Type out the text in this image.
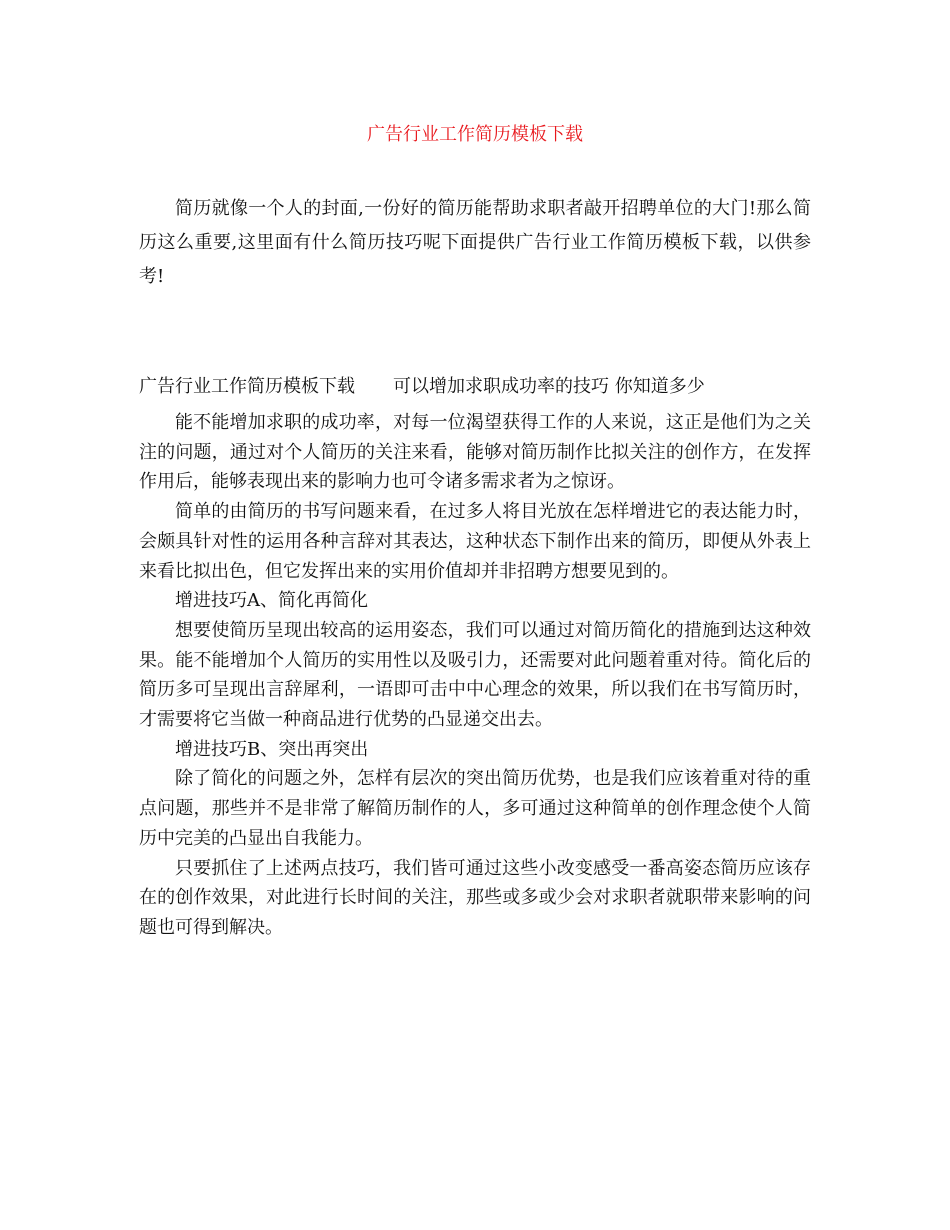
广告行业工作简历模板下载

简历就像一个人的封面,一份好的简历能帮助求职者敲开招聘单位的大门!那么简历这么重要,这里面有什么简历技巧呢下面提供广告行业工作简历模板下载，以供参考!

广告行业工作简历模板下载 可以增加求职成功率的技巧 你知道多少

能不能增加求职的成功率，对每一位渴望获得工作的人来说，这正是他们为之关注的问题，通过对个人简历的关注来看，能够对简历制作比拟关注的创作方，在发挥作用后，能够表现出来的影响力也可令诸多需求者为之惊讶。

简单的由简历的书写问题来看，在过多人将目光放在怎样增进它的表达能力时，会颇具针对性的运用各种言辞对其表达，这种状态下制作出来的简历，即便从外表上来看比拟出色，但它发挥出来的实用价值却并非招聘方想要见到的。

增进技巧A、简化再简化

想要使简历呈现出较高的运用姿态，我们可以通过对简历简化的措施到达这种效果。能不能增加个人简历的实用性以及吸引力，还需要对此问题着重对待。简化后的简历多可呈现出言辞犀利，一语即可击中中心理念的效果，所以我们在书写简历时，才需要将它当做一种商品进行优势的凸显递交出去。

增进技巧B、突出再突出

除了简化的问题之外，怎样有层次的突出简历优势，也是我们应该着重对待的重点问题，那些并不是非常了解简历制作的人，多可通过这种简单的创作理念使个人简历中完美的凸显出自我能力。

只要抓住了上述两点技巧，我们皆可通过这些小改变感受一番高姿态简历应该存在的创作效果，对此进行长时间的关注，那些或多或少会对求职者就职带来影响的问题也可得到解决。
